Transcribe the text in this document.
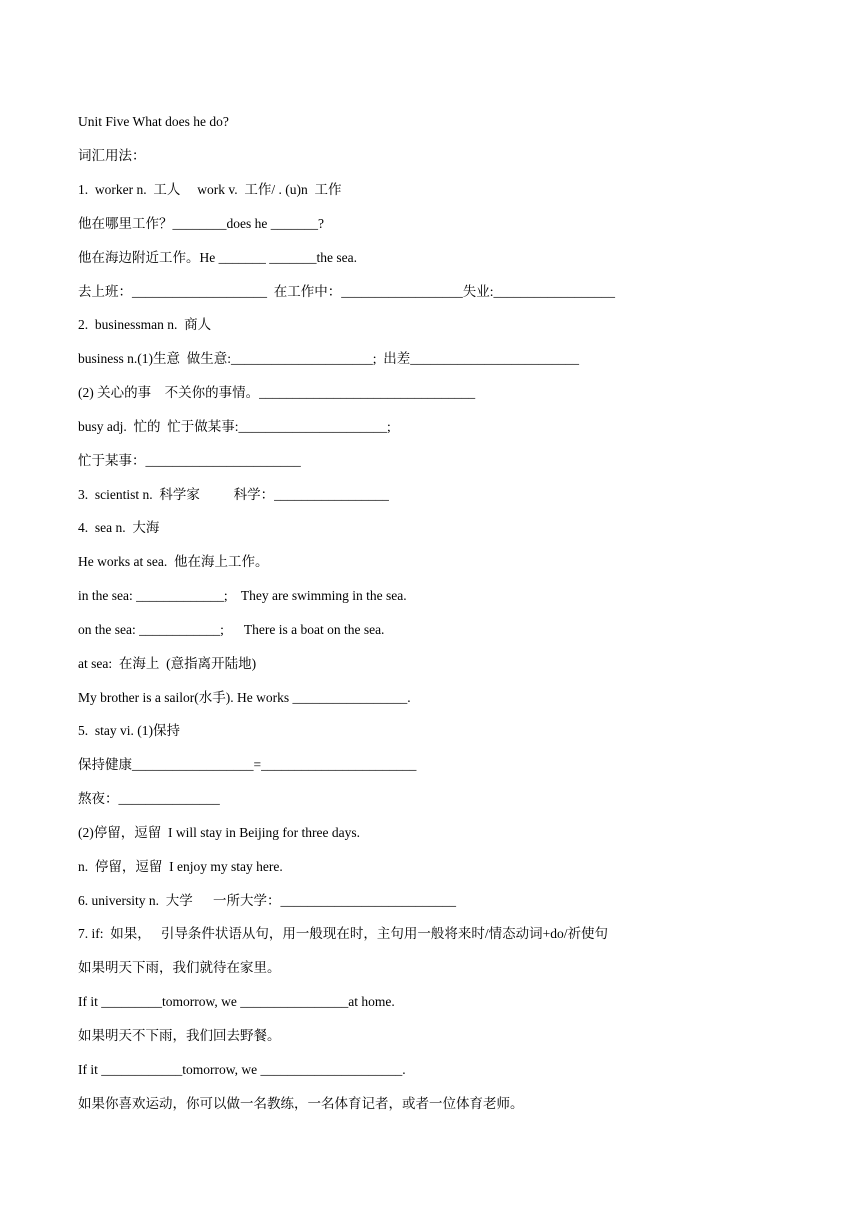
Unit Five What does he do?
词汇用法：
1.  worker n.  工人     work v.  工作/ . (u)n  工作
他在哪里工作？________does he _______?
他在海边附近工作。He _______ _______the sea.
去上班：____________________  在工作中：__________________失业:__________________
2.  businessman n.  商人
business n.(1)生意  做生意:_____________________;  出差_________________________
(2) 关心的事    不关你的事情。________________________________
busy adj.  忙的  忙于做某事:______________________;
忙于某事：_______________________
3.  scientist n.  科学家          科学：_________________
4.  sea n.  大海
He works at sea.  他在海上工作。
in the sea: _____________;    They are swimming in the sea.
on the sea: ____________;      There is a boat on the sea.
at sea:  在海上  (意指离开陆地)
My brother is a sailor(水手). He works _________________.
5.  stay vi. (1)保持
保持健康__________________=_______________________
熬夜：_______________
(2)停留，逗留  I will stay in Beijing for three days.
n.  停留，逗留  I enjoy my stay here.
6. university n.  大学      一所大学：__________________________
7. if:  如果，   引导条件状语从句，用一般现在时，主句用一般将来时/情态动词+do/祈使句
如果明天下雨，我们就待在家里。
If it _________tomorrow, we ________________at home.
如果明天不下雨，我们回去野餐。
If it ____________tomorrow, we _____________________.
如果你喜欢运动，你可以做一名教练，一名体育记者，或者一位体育老师。
